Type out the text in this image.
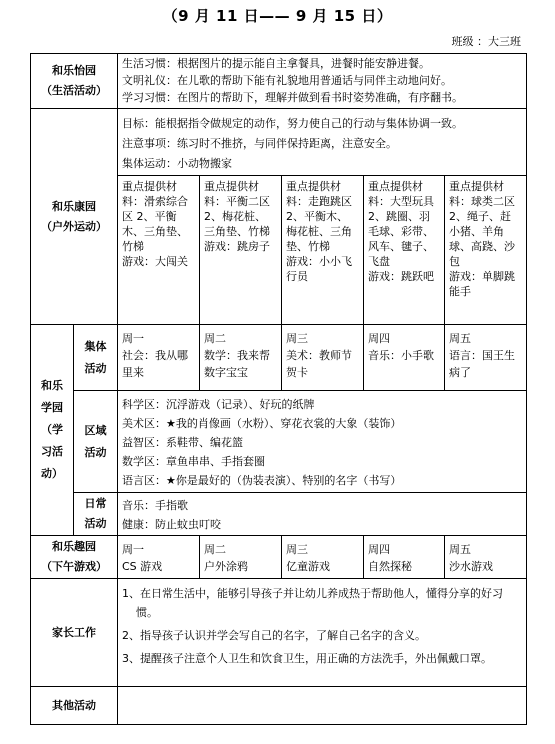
（9 月 11 日—— 9 月 15 日）
班级 ：大三班
和乐怡园
（生活活动）
生活习惯：根据图片的提示能自主拿餐具，进餐时能安静进餐。
文明礼仪：在儿歌的帮助下能有礼貌地用普通话与同伴主动地问好。
学习习惯：在图片的帮助下，理解并做到看书时姿势准确，有序翻书。
和乐康园
（户外运动）
目标：能根据指令做规定的动作，努力使自己的行动与集体协调一致。
注意事项：练习时不推挤，与同伴保持距离，注意安全。
集体运动：小动物搬家
重点提供材料：滑索综合区 2、平衡木、三角垫、竹梯
游戏：大闯关
重点提供材料：平衡二区 2、梅花桩、三角垫、竹梯
游戏：跳房子
重点提供材料：走跑跳区 2、平衡木、梅花桩、三角垫、竹梯
游戏：小小飞行员
重点提供材料：大型玩具 2、跳圈、羽毛球、彩带、风车、毽子、飞盘
游戏：跳跃吧
重点提供材料：球类二区 2、绳子、赶小猪、羊角球、高跷、沙包
游戏：单脚跳能手
和乐
学园
（学
习活
动）
集体
活动
周一
社会：我从哪里来
周二
数学：我来帮数字宝宝
周三
美术：教师节贺卡
周四
音乐：小手歌
周五
语言：国王生病了
区域
活动
科学区：沉浮游戏（记录）、好玩的纸牌
美术区：★我的肖像画（水粉）、穿花衣裳的大象（装饰）
益智区：系鞋带、编花篮
数学区：章鱼串串、手指套圈
语言区：★你是最好的（伪装表演）、特别的名字（书写）
日常
活动
音乐：手指歌
健康：防止蚊虫叮咬
和乐趣园
（下午游戏）
周一
CS 游戏
周二
户外涂鸦
周三
亿童游戏
周四
自然探秘
周五
沙水游戏
家长工作

1、在日常生活中，能够引导孩子并让幼儿养成热于帮助他人，懂得分享的好习惯。

2、指导孩子认识并学会写自己的名字，了解自己名字的含义。

3、提醒孩子注意个人卫生和饮食卫生，用正确的方法洗手，外出佩戴口罩。

其他活动
